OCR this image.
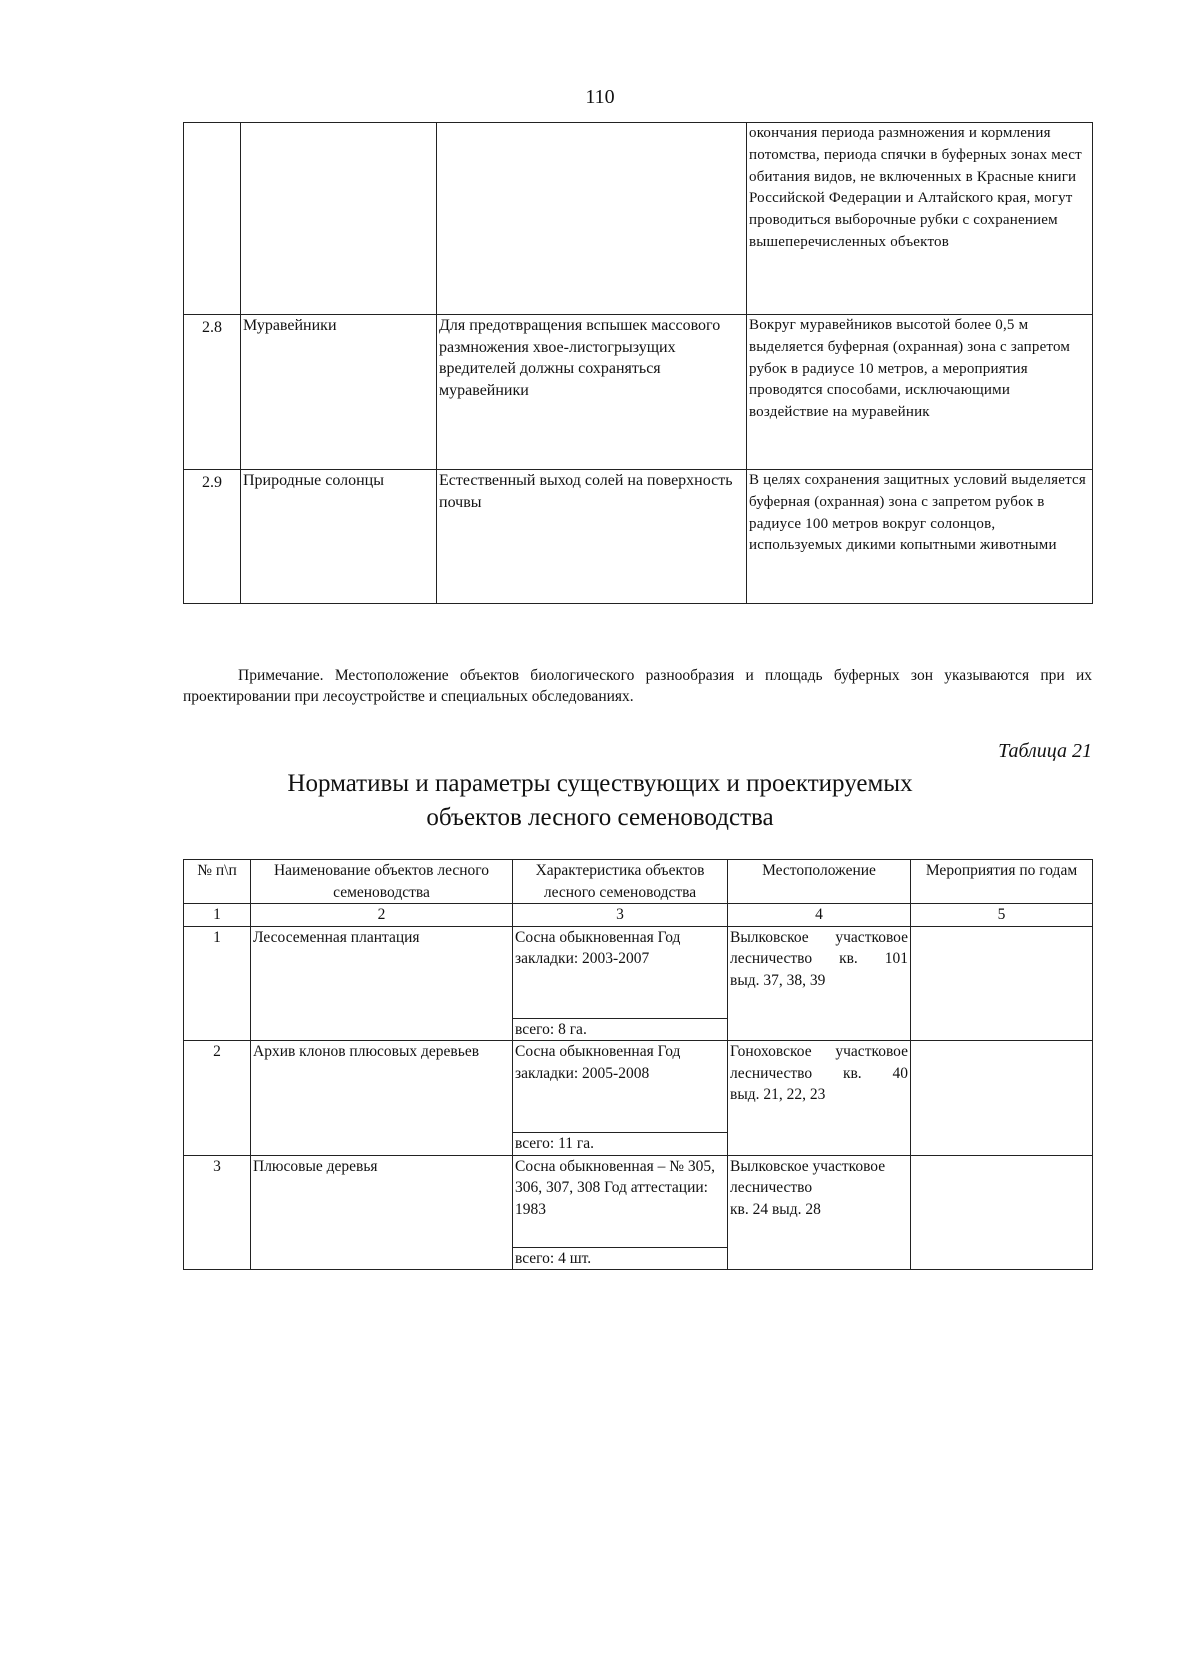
110
			окончания периода размножения и кормления потомства, периода спячки в буферных зонах мест обитания видов, не включенных в Красные книги Российской Федерации и Алтайского края, могут проводиться выборочные рубки с сохранением вышеперечисленных объектов
2.8	Муравейники	Для предотвращения вспышек массового размножения хвое-листогрызущих вредителей должны сохраняться муравейники	Вокруг муравейников высотой более 0,5 м выделяется буферная (охранная) зона с запретом рубок в радиусе 10 метров, а мероприятия проводятся способами, исключающими воздействие на муравейник
2.9	Природные солонцы	Естественный выход солей на поверхность почвы	В целях сохранения защитных условий выделяется буферная (охранная) зона с запретом рубок в радиусе 100 метров вокруг солонцов, используемых дикими копытными животными
Примечание. Местоположение объектов биологического разнообразия и площадь буферных зон указываются при их проектировании при лесоустройстве и специальных обследованиях.
Таблица 21
Нормативы и параметры существующих и проектируемых
объектов лесного семеноводства
№ п\п	Наименование объектов лесного семеноводства	Характеристика объектов лесного семеноводства	Местоположение	Мероприятия по годам
1	2	3	4	5
1	Лесосеменная плантация	Сосна обыкновенная Год закладки: 2003-2007	Вылковское участковое лесничество кв. 101
выд. 37, 38, 39	

		всего: 8 га.		
2	Архив клонов плюсовых деревьев	Сосна обыкновенная Год закладки: 2005-2008	Гоноховское участковое лесничество кв. 40
выд. 21, 22, 23	

		всего: 11 га.		
3	Плюсовые деревья	Сосна обыкновенная – № 305, 306, 307, 308 Год аттестации: 1983	Вылковское участковое лесничество
кв. 24 выд. 28	

		всего: 4 шт.		
